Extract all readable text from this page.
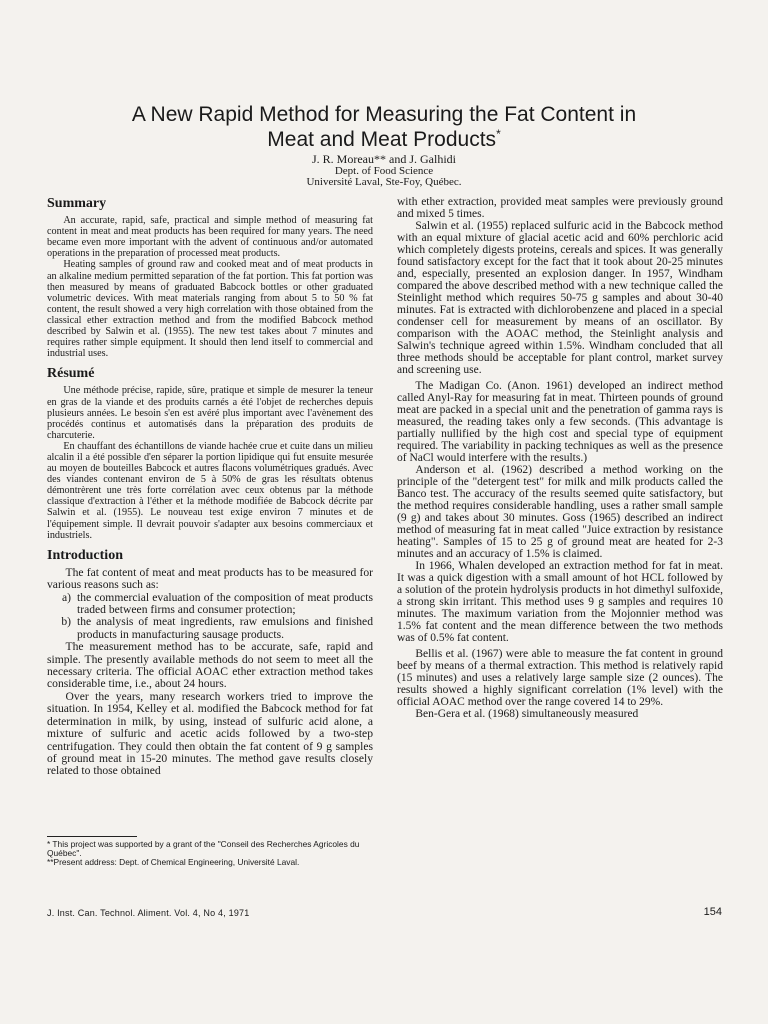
A New Rapid Method for Measuring the Fat Content in
Meat and Meat Products*
J. R. Moreau** and J. Galhidi
Dept. of Food Science
Université Laval, Ste-Foy, Québec.
Summary

An accurate, rapid, safe, practical and simple method of measuring fat content in meat and meat products has been required for many years. The need became even more important with the advent of continuous and/or automated operations in the preparation of processed meat products.

Heating samples of ground raw and cooked meat and of meat products in an alkaline medium permitted separation of the fat portion. This fat portion was then measured by means of graduated Babcock bottles or other graduated volumetric devices. With meat materials ranging from about 5 to 50 % fat content, the result showed a very high correlation with those obtained from the classical ether extraction method and from the modified Babcock method described by Salwin et al. (1955). The new test takes about 7 minutes and requires rather simple equipment. It should then lend itself to commercial and industrial uses.

Résumé

Une méthode précise, rapide, sûre, pratique et simple de mesurer la teneur en gras de la viande et des produits carnés a été l'objet de recherches depuis plusieurs années. Le besoin s'en est avéré plus important avec l'avènement des procédés continus et automatisés dans la préparation des produits de charcuterie.

En chauffant des échantillons de viande hachée crue et cuite dans un milieu alcalin il a été possible d'en séparer la portion lipidique qui fut ensuite mesurée au moyen de bouteilles Babcock et autres flacons volumétriques gradués. Avec des viandes contenant environ de 5 à 50% de gras les résultats obtenus démontrèrent une très forte corrélation avec ceux obtenus par la méthode classique d'extraction à l'éther et la méthode modifiée de Babcock décrite par Salwin et al. (1955). Le nouveau test exige environ 7 minutes et de l'équipement simple. Il devrait pouvoir s'adapter aux besoins commerciaux et industriels.

Introduction

The fat content of meat and meat products has to be measured for various reasons such as:

a) the commercial evaluation of the composition of meat products traded between firms and consumer protection;
b) the analysis of meat ingredients, raw emulsions and finished products in manufacturing sausage products.

The measurement method has to be accurate, safe, rapid and simple. The presently available methods do not seem to meet all the necessary criteria. The official AOAC ether extraction method takes considerable time, i.e., about 24 hours.

Over the years, many research workers tried to improve the situation. In 1954, Kelley et al. modified the Babcock method for fat determination in milk, by using, instead of sulfuric acid alone, a mixture of sulfuric and acetic acids followed by a two-step centrifugation. They could then obtain the fat content of 9 g samples of ground meat in 15-20 minutes. The method gave results closely related to those obtained

* This project was supported by a grant of the "Conseil des Recherches Agricoles du Québec".
**Present address: Dept. of Chemical Engineering, Université Laval.

with ether extraction, provided meat samples were previously ground and mixed 5 times.

Salwin et al. (1955) replaced sulfuric acid in the Babcock method with an equal mixture of glacial acetic acid and 60% perchloric acid which completely digests proteins, cereals and spices. It was generally found satisfactory except for the fact that it took about 20-25 minutes and, especially, presented an explosion danger. In 1957, Windham compared the above described method with a new technique called the Steinlight method which requires 50-75 g samples and about 30-40 minutes. Fat is extracted with dichlorobenzene and placed in a special condenser cell for measurement by means of an oscillator. By comparison with the AOAC method, the Steinlight analysis and Salwin's technique agreed within 1.5%. Windham concluded that all three methods should be acceptable for plant control, market survey and screening use.

The Madigan Co. (Anon. 1961) developed an indirect method called Anyl-Ray for measuring fat in meat. Thirteen pounds of ground meat are packed in a special unit and the penetration of gamma rays is measured, the reading takes only a few seconds. (This advantage is partially nullified by the high cost and special type of equipment required. The variability in packing techniques as well as the presence of NaCl would interfere with the results.)

Anderson et al. (1962) described a method working on the principle of the "detergent test" for milk and milk products called the Banco test. The accuracy of the results seemed quite satisfactory, but the method requires considerable handling, uses a rather small sample (9 g) and takes about 30 minutes. Goss (1965) described an indirect method of measuring fat in meat called "Juice extraction by resistance heating". Samples of 15 to 25 g of ground meat are heated for 2-3 minutes and an accuracy of 1.5% is claimed.

In 1966, Whalen developed an extraction method for fat in meat. It was a quick digestion with a small amount of hot HCL followed by a solution of the protein hydrolysis products in hot dimethyl sulfoxide, a strong skin irritant. This method uses 9 g samples and requires 10 minutes. The maximum variation from the Mojonnier method was 1.5% fat content and the mean difference between the two methods was of 0.5% fat content.

Bellis et al. (1967) were able to measure the fat content in ground beef by means of a thermal extraction. This method is relatively rapid (15 minutes) and uses a relatively large sample size (2 ounces). The results showed a highly significant correlation (1% level) with the official AOAC method over the range covered 14 to 29%.

Ben-Gera et al. (1968) simultaneously measured

J. Inst. Can. Technol. Aliment. Vol. 4, No 4, 1971	154
